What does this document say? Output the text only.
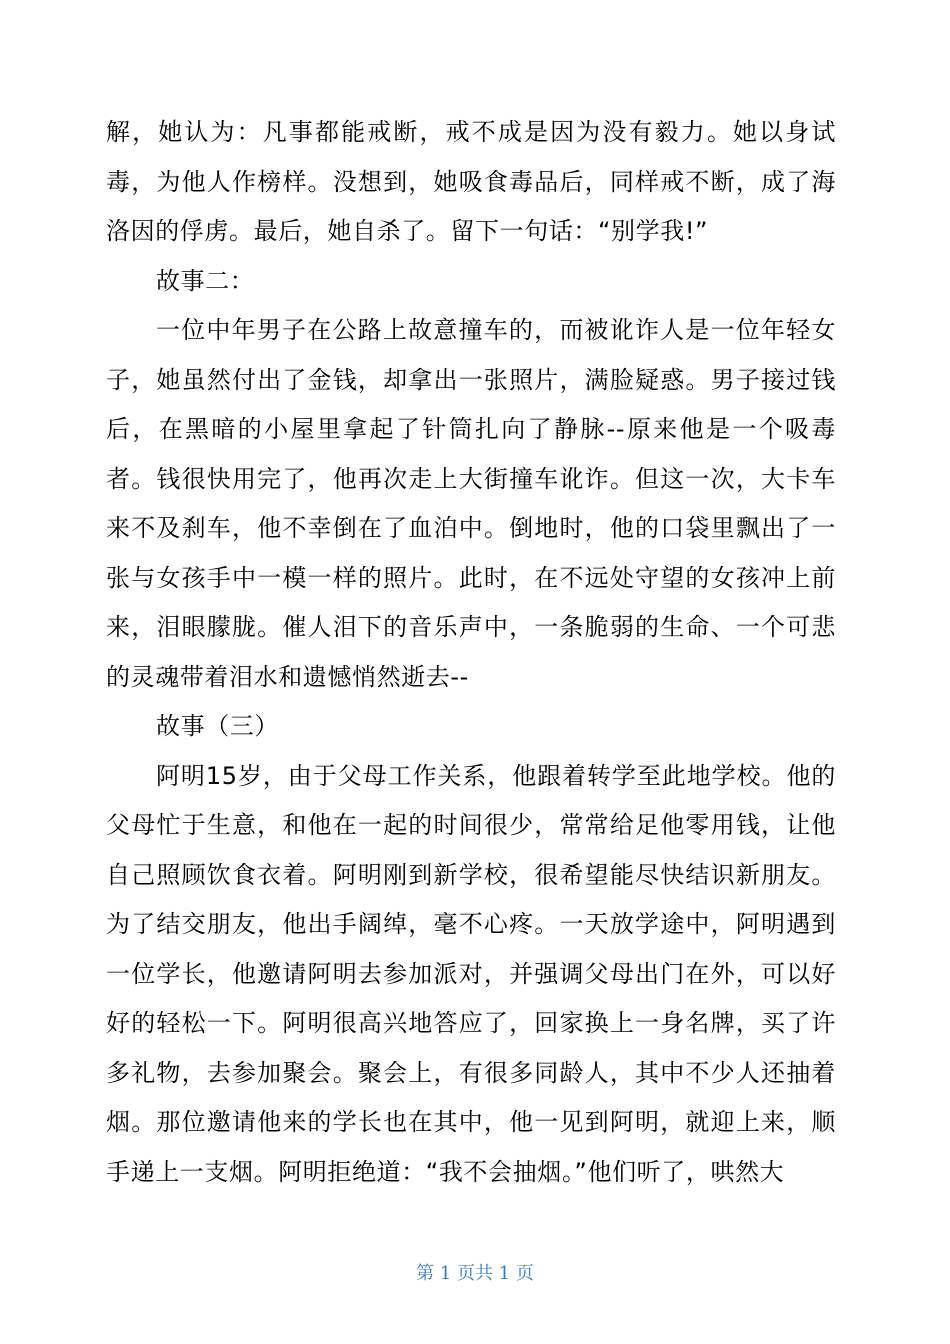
解，她认为：凡事都能戒断，戒不成是因为没有毅力。她以身试毒，为他人作榜样。没想到，她吸食毒品后，同样戒不断，成了海洛因的俘虏。最后，她自杀了。留下一句话：“别学我!”

故事二：

一位中年男子在公路上故意撞车的，而被讹诈人是一位年轻女子，她虽然付出了金钱，却拿出一张照片，满脸疑惑。男子接过钱后，在黑暗的小屋里拿起了针筒扎向了静脉--原来他是一个吸毒者。钱很快用完了，他再次走上大街撞车讹诈。但这一次，大卡车来不及刹车，他不幸倒在了血泊中。倒地时，他的口袋里飘出了一张与女孩手中一模一样的照片。此时，在不远处守望的女孩冲上前来，泪眼朦胧。催人泪下的音乐声中，一条脆弱的生命、一个可悲的灵魂带着泪水和遗憾悄然逝去--

故事（三）

阿明15岁，由于父母工作关系，他跟着转学至此地学校。他的父母忙于生意，和他在一起的时间很少，常常给足他零用钱，让他自己照顾饮食衣着。阿明刚到新学校，很希望能尽快结识新朋友。为了结交朋友，他出手阔绰，毫不心疼。一天放学途中，阿明遇到一位学长，他邀请阿明去参加派对，并强调父母出门在外，可以好好的轻松一下。阿明很高兴地答应了，回家换上一身名牌，买了许多礼物，去参加聚会。聚会上，有很多同龄人，其中不少人还抽着烟。那位邀请他来的学长也在其中，他一见到阿明，就迎上来，顺手递上一支烟。阿明拒绝道：“我不会抽烟。”他们听了，哄然大

第 1 页共 1 页
